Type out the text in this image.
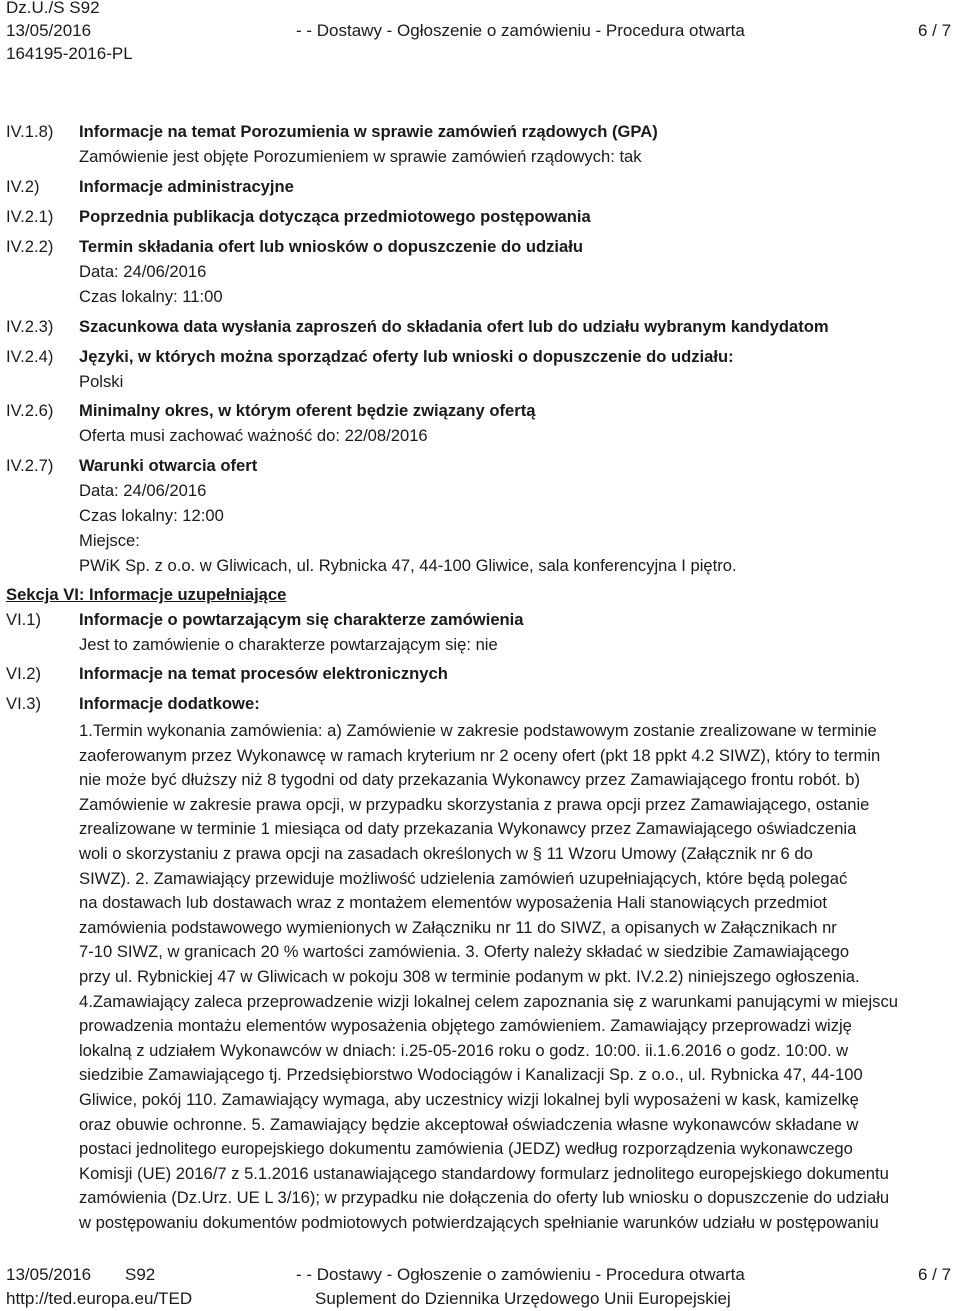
Dz.U./S S92
13/05/2016
164195-2016-PL
- - Dostawy - Ogłoszenie o zamówieniu - Procedura otwarta	6 / 7
IV.1.8) Informacje na temat Porozumienia w sprawie zamówień rządowych (GPA)
Zamówienie jest objęte Porozumieniem w sprawie zamówień rządowych: tak
IV.2) Informacje administracyjne
IV.2.1) Poprzednia publikacja dotycząca przedmiotowego postępowania
IV.2.2) Termin składania ofert lub wniosków o dopuszczenie do udziału
Data: 24/06/2016
Czas lokalny: 11:00
IV.2.3) Szacunkowa data wysłania zaproszeń do składania ofert lub do udziału wybranym kandydatom
IV.2.4) Języki, w których można sporządzać oferty lub wnioski o dopuszczenie do udziału:
Polski
IV.2.6) Minimalny okres, w którym oferent będzie związany ofertą
Oferta musi zachować ważność do: 22/08/2016
IV.2.7) Warunki otwarcia ofert
Data: 24/06/2016
Czas lokalny: 12:00
Miejsce:
PWiK Sp. z o.o. w Gliwicach, ul. Rybnicka 47, 44-100 Gliwice, sala konferencyjna I piętro.
Sekcja VI: Informacje uzupełniające
VI.1) Informacje o powtarzającym się charakterze zamówienia
Jest to zamówienie o charakterze powtarzającym się: nie
VI.2) Informacje na temat procesów elektronicznych
VI.3) Informacje dodatkowe:
1.Termin wykonania zamówienia: a) Zamówienie w zakresie podstawowym zostanie zrealizowane w terminie
zaoferowanym przez Wykonawcę w ramach kryterium nr 2 oceny ofert (pkt 18 ppkt 4.2 SIWZ), który to termin
nie może być dłuższy niż 8 tygodni od daty przekazania Wykonawcy przez Zamawiającego frontu robót. b)
Zamówienie w zakresie prawa opcji, w przypadku skorzystania z prawa opcji przez Zamawiającego, ostanie
zrealizowane w terminie 1 miesiąca od daty przekazania Wykonawcy przez Zamawiającego oświadczenia
woli o skorzystaniu z prawa opcji na zasadach określonych w § 11 Wzoru Umowy (Załącznik nr 6 do
SIWZ). 2. Zamawiający przewiduje możliwość udzielenia zamówień uzupełniających, które będą polegać
na dostawach lub dostawach wraz z montażem elementów wyposażenia Hali stanowiących przedmiot
zamówienia podstawowego wymienionych w Załączniku nr 11 do SIWZ, a opisanych w Załącznikach nr
7-10 SIWZ, w granicach 20 % wartości zamówienia. 3. Oferty należy składać w siedzibie Zamawiającego
przy ul. Rybnickiej 47 w Gliwicach w pokoju 308 w terminie podanym w pkt. IV.2.2) niniejszego ogłoszenia.
4.Zamawiający zaleca przeprowadzenie wizji lokalnej celem zapoznania się z warunkami panującymi w miejscu
prowadzenia montażu elementów wyposażenia objętego zamówieniem. Zamawiający przeprowadzi wizję
lokalną z udziałem Wykonawców w dniach: i.25-05-2016 roku o godz. 10:00. ii.1.6.2016 o godz. 10:00. w
siedzibie Zamawiającego tj. Przedsiębiorstwo Wodociągów i Kanalizacji Sp. z o.o., ul. Rybnicka 47, 44-100
Gliwice, pokój 110. Zamawiający wymaga, aby uczestnicy wizji lokalnej byli wyposażeni w kask, kamizelkę
oraz obuwie ochronne. 5. Zamawiający będzie akceptował oświadczenia własne wykonawców składane w
postaci jednolitego europejskiego dokumentu zamówienia (JEDZ) według rozporządzenia wykonawczego
Komisji (UE) 2016/7 z 5.1.2016 ustanawiającego standardowy formularz jednolitego europejskiego dokumentu
zamówienia (Dz.Urz. UE L 3/16); w przypadku nie dołączenia do oferty lub wniosku o dopuszczenie do udziału
w postępowaniu dokumentów podmiotowych potwierdzających spełnianie warunków udziału w postępowaniu
13/05/2016 S92
http://ted.europa.eu/TED
- - Dostawy - Ogłoszenie o zamówieniu - Procedura otwarta
Suplement do Dziennika Urzędowego Unii Europejskiej
6 / 7
